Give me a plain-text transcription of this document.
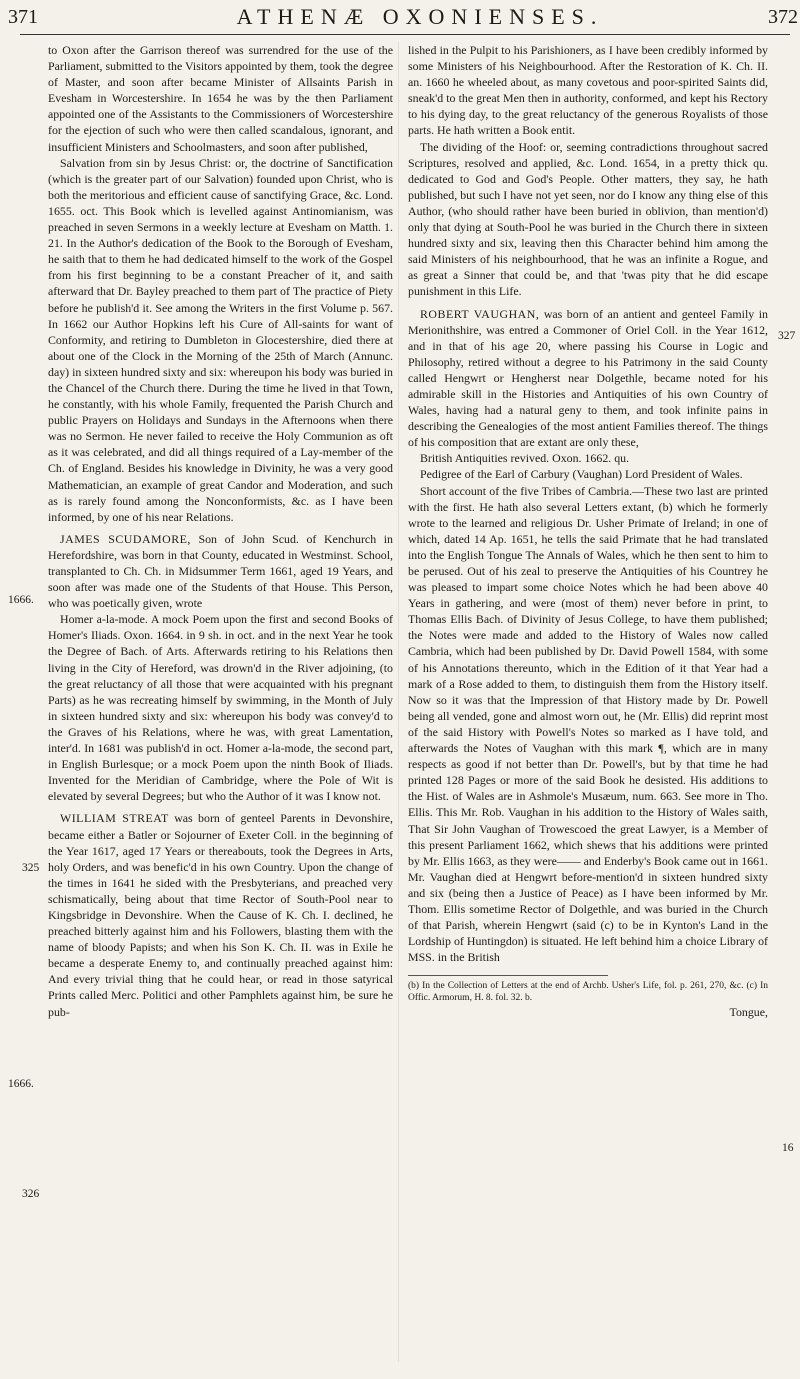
371	ATHENÆ OXONIENSES.	372
1666.
325
1666.
326
327
16

to Oxon after the Garrison thereof was surrendred for the use of the Parliament, submitted to the Visitors appointed by them, took the degree of Master, and soon after became Minister of Allsaints Parish in Evesham in Worcestershire. In 1654 he was by the then Parliament appointed one of the Assistants to the Commissioners of Worcestershire for the ejection of such who were then called scandalous, ignorant, and insufficient Ministers and Schoolmasters, and soon after published,

Salvation from sin by Jesus Christ: or, the doctrine of Sanctification (which is the greater part of our Salvation) founded upon Christ, who is both the meritorious and efficient cause of sanctifying Grace, &c. Lond. 1655. oct. This Book which is levelled against Antinomianism, was preached in seven Sermons in a weekly lecture at Evesham on Matth. 1. 21. In the Author's dedication of the Book to the Borough of Evesham, he saith that to them he had dedicated himself to the work of the Gospel from his first beginning to be a constant Preacher of it, and saith afterward that Dr. Bayley preached to them part of The practice of Piety before he publish'd it. See among the Writers in the first Volume p. 567. In 1662 our Author Hopkins left his Cure of All-saints for want of Conformity, and retiring to Dumbleton in Glocestershire, died there at about one of the Clock in the Morning of the 25th of March (Annunc. day) in sixteen hundred sixty and six: whereupon his body was buried in the Chancel of the Church there. During the time he lived in that Town, he constantly, with his whole Family, frequented the Parish Church and public Prayers on Holidays and Sundays in the Afternoons when there was no Sermon. He never failed to receive the Holy Communion as oft as it was celebrated, and did all things required of a Lay-member of the Ch. of England. Besides his knowledge in Divinity, he was a very good Mathematician, an example of great Candor and Moderation, and such as is rarely found among the Nonconformists, &c. as I have been informed, by one of his near Relations.

JAMES SCUDAMORE, Son of John Scud. of Kenchurch in Herefordshire, was born in that County, educated in Westminst. School, transplanted to Ch. Ch. in Midsummer Term 1661, aged 19 Years, and soon after was made one of the Students of that House. This Person, who was poetically given, wrote

Homer a-la-mode. A mock Poem upon the first and second Books of Homer's Iliads. Oxon. 1664. in 9 sh. in oct. and in the next Year he took the Degree of Bach. of Arts. Afterwards retiring to his Relations then living in the City of Hereford, was drown'd in the River adjoining, (to the great reluctancy of all those that were acquainted with his pregnant Parts) as he was recreating himself by swimming, in the Month of July in sixteen hundred sixty and six: whereupon his body was convey'd to the Graves of his Relations, where he was, with great Lamentation, inter'd. In 1681 was publish'd in oct. Homer a-la-mode, the second part, in English Burlesque; or a mock Poem upon the ninth Book of Iliads. Invented for the Meridian of Cambridge, where the Pole of Wit is elevated by several Degrees; but who the Author of it was I know not.

WILLIAM STREAT was born of genteel Parents in Devonshire, became either a Batler or Sojourner of Exeter Coll. in the beginning of the Year 1617, aged 17 Years or thereabouts, took the Degrees in Arts, holy Orders, and was benefic'd in his own Country. Upon the change of the times in 1641 he sided with the Presbyterians, and preached very schismatically, being about that time Rector of South-Pool near to Kingsbridge in Devonshire. When the Cause of K. Ch. I. declined, he preached bitterly against him and his Followers, blasting them with the name of bloody Papists; and when his Son K. Ch. II. was in Exile he became a desperate Enemy to, and continually preached against him: And every trivial thing that he could hear, or read in those satyrical Prints called Merc. Politici and other Pamphlets against him, be sure he pub-

lished in the Pulpit to his Parishioners, as I have been credibly informed by some Ministers of his Neighbourhood. After the Restoration of K. Ch. II. an. 1660 he wheeled about, as many covetous and poor-spirited Saints did, sneak'd to the great Men then in authority, conformed, and kept his Rectory to his dying day, to the great reluctancy of the generous Royalists of those parts. He hath written a Book entit.

The dividing of the Hoof: or, seeming contradictions throughout sacred Scriptures, resolved and applied, &c. Lond. 1654, in a pretty thick qu. dedicated to God and God's People. Other matters, they say, he hath published, but such I have not yet seen, nor do I know any thing else of this Author, (who should rather have been buried in oblivion, than mention'd) only that dying at South-Pool he was buried in the Church there in sixteen hundred sixty and six, leaving then this Character behind him among the said Ministers of his neighbourhood, that he was an infinite a Rogue, and as great a Sinner that could be, and that 'twas pity that he did escape punishment in this Life.

ROBERT VAUGHAN, was born of an antient and genteel Family in Merionithshire, was entred a Commoner of Oriel Coll. in the Year 1612, and in that of his age 20, where passing his Course in Logic and Philosophy, retired without a degree to his Patrimony in the said County called Hengwrt or Hengherst near Dolgethle, became noted for his admirable skill in the Histories and Antiquities of his own Country of Wales, having had a natural geny to them, and took infinite pains in describing the Genealogies of the most antient Families thereof. The things of his composition that are extant are only these,

British Antiquities revived. Oxon. 1662. qu.

Pedigree of the Earl of Carbury (Vaughan) Lord President of Wales.

Short account of the five Tribes of Cambria.—These two last are printed with the first. He hath also several Letters extant, (b) which he formerly wrote to the learned and religious Dr. Usher Primate of Ireland; in one of which, dated 14 Ap. 1651, he tells the said Primate that he had translated into the English Tongue The Annals of Wales, which he then sent to him to be perused. Out of his zeal to preserve the Antiquities of his Countrey he was pleased to impart some choice Notes which he had been above 40 Years in gathering, and were (most of them) never before in print, to Thomas Ellis Bach. of Divinity of Jesus College, to have them published; the Notes were made and added to the History of Wales now called Cambria, which had been published by Dr. David Powell 1584, with some of his Annotations thereunto, which in the Edition of it that Year had a mark of a Rose added to them, to distinguish them from the History itself. Now so it was that the Impression of that History made by Dr. Powell being all vended, gone and almost worn out, he (Mr. Ellis) did reprint most of the said History with Powell's Notes so marked as I have told, and afterwards the Notes of Vaughan with this mark ¶, which are in many respects as good if not better than Dr. Powell's, but by that time he had printed 128 Pages or more of the said Book he desisted. His additions to the Hist. of Wales are in Ashmole's Musæum, num. 663. See more in Tho. Ellis. This Mr. Rob. Vaughan in his addition to the History of Wales saith, That Sir John Vaughan of Trowescoed the great Lawyer, is a Member of this present Parliament 1662, which shews that his additions were printed by Mr. Ellis 1663, as they were—— and Enderby's Book came out in 1661. Mr. Vaughan died at Hengwrt before-mention'd in sixteen hundred sixty and six (being then a Justice of Peace) as I have been informed by Mr. Thom. Ellis sometime Rector of Dolgethle, and was buried in the Church of that Parish, wherein Hengwrt (said (c) to be in Kynton's Land in the Lordship of Huntingdon) is situated. He left behind him a choice Library of MSS. in the British

(b) In the Collection of Letters at the end of Archb. Usher's Life, fol. p. 261, 270, &c. (c) In Offic. Armorum, H. 8. fol. 32. b.

Tongue,
